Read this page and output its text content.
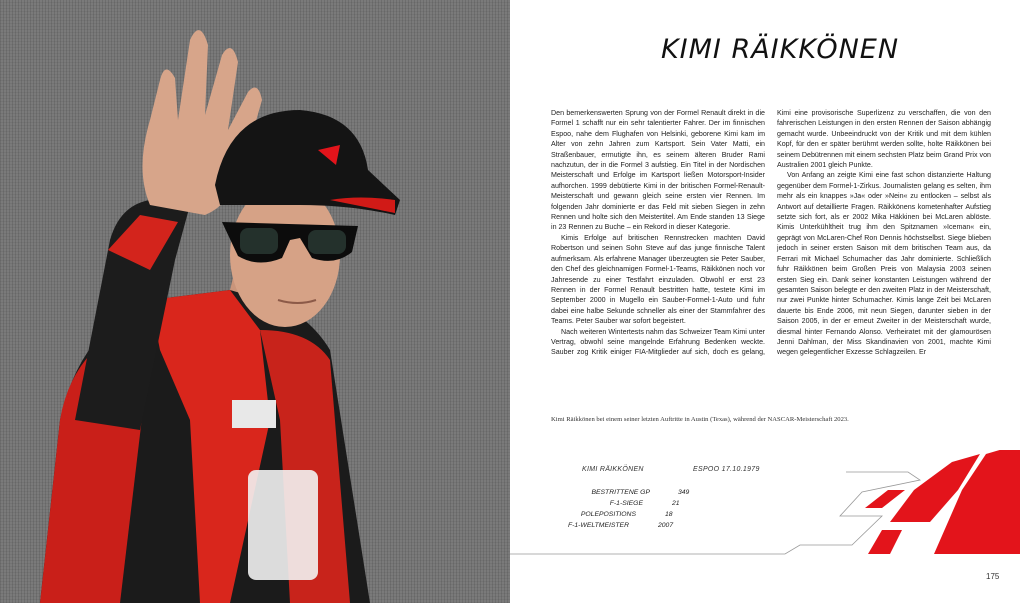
KIMI RÄIKKÖNEN

Den bemerkenswerten Sprung von der Formel Renault direkt in die Formel 1 schafft nur ein sehr talentierter Fahrer. Der im finnischen Espoo, nahe dem Flughafen von Helsinki, geborene Kimi kam im Alter von zehn Jahren zum Kartsport. Sein Vater Matti, ein Straßenbauer, ermutigte ihn, es seinem älteren Bruder Rami nachzutun, der in die Formel 3 aufstieg. Ein Titel in der Nordischen Meisterschaft und Erfolge im Kartsport ließen Motorsport-Insider aufhorchen. 1999 debütierte Kimi in der britischen Formel-Renault-Meisterschaft und gewann gleich seine ersten vier Rennen. Im folgenden Jahr dominierte er das Feld mit sieben Siegen in zehn Rennen und holte sich den Meistertitel. Am Ende standen 13 Siege in 23 Rennen zu Buche – ein Rekord in dieser Kategorie.

Kimis Erfolge auf britischen Rennstrecken machten David Robertson und seinen Sohn Steve auf das junge finnische Talent aufmerksam. Als erfahrene Manager überzeugten sie Peter Sauber, den Chef des gleichnamigen Formel-1-Teams, Räikkönen noch vor Jahresende zu einer Testfahrt einzuladen. Obwohl er erst 23 Rennen in der Formel Renault bestritten hatte, testete Kimi im September 2000 in Mugello ein Sauber-Formel-1-Auto und fuhr dabei eine halbe Sekunde schneller als einer der Stammfahrer des Teams. Peter Sauber war sofort begeistert.

Nach weiteren Wintertests nahm das Schweizer Team Kimi unter Vertrag, obwohl seine mangelnde Erfahrung Bedenken weckte. Sauber zog Kritik einiger FIA-Mitglieder auf sich, doch es gelang, Kimi eine provisorische Superlizenz zu verschaffen, die von den fahrerischen Leistungen in den ersten Rennen der Saison abhängig gemacht wurde. Unbeeindruckt von der Kritik und mit dem kühlen Kopf, für den er später berühmt werden sollte, holte Räikkönen bei seinem Debütrennen mit einem sechsten Platz beim Grand Prix von Australien 2001 gleich Punkte.

Von Anfang an zeigte Kimi eine fast schon distanzierte Haltung gegenüber dem Formel-1-Zirkus. Journalisten gelang es selten, ihm mehr als ein knappes »Ja« oder »Nein« zu entlocken – selbst als Antwort auf detaillierte Fragen. Räikkönens kometenhafter Aufstieg setzte sich fort, als er 2002 Mika Häkkinen bei McLaren ablöste. Kimis Unterkühltheit trug ihm den Spitznamen »Iceman« ein, geprägt von McLaren-Chef Ron Dennis höchstselbst. Siege blieben jedoch in seiner ersten Saison mit dem britischen Team aus, da Ferrari mit Michael Schumacher das Jahr dominierte. Schließlich fuhr Räikkönen beim Großen Preis von Malaysia 2003 seinen ersten Sieg ein. Dank seiner konstanten Leistungen während der gesamten Saison belegte er den zweiten Platz in der Meisterschaft, nur zwei Punkte hinter Schumacher. Kimis lange Zeit bei McLaren dauerte bis Ende 2006, mit neun Siegen, darunter sieben in der Saison 2005, in der er erneut Zweiter in der Meisterschaft wurde, diesmal hinter Fernando Alonso. Verheiratet mit der glamourösen Jenni Dahlman, der Miss Skandinavien von 2001, machte Kimi wegen gelegentlicher Exzesse Schlagzeilen. Er

Kimi Räikkönen bei einem seiner letzten Auftritte in Austin (Texas), während der NASCAR-Meisterschaft 2023.
KIMI RÄIKKÖNEN	ESPOO 17.10.1979
BESTRITTENE GP	349
F-1-SIEGE	21
POLEPOSITIONS	18
F-1-WELTMEISTER	2007
175
